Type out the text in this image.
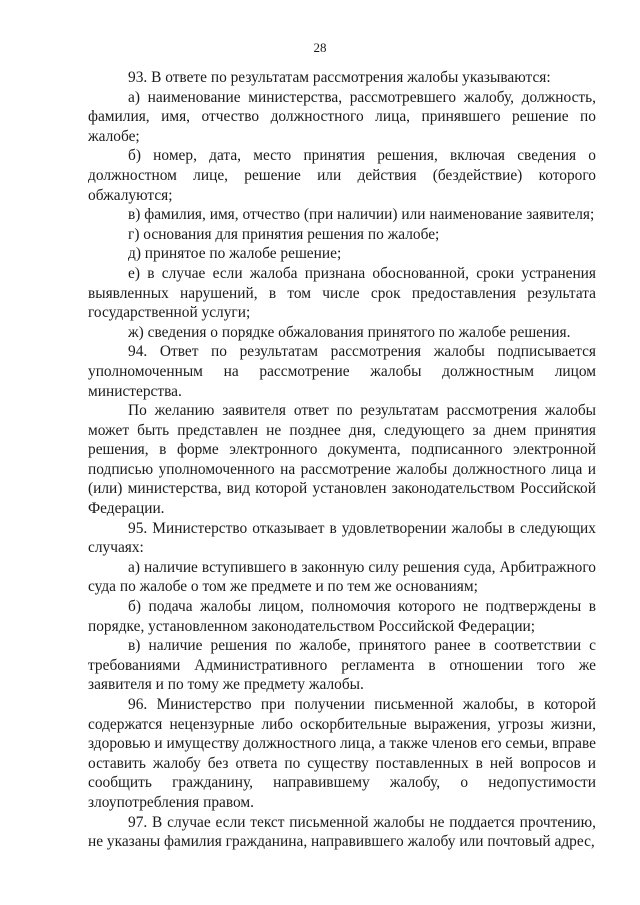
28

93. В ответе по результатам рассмотрения жалобы указываются:

а) наименование министерства, рассмотревшего жалобу, должность, фамилия, имя, отчество должностного лица, принявшего решение по жалобе;

б) номер, дата, место принятия решения, включая сведения о должностном лице, решение или действия (бездействие) которого обжалуются;

в) фамилия, имя, отчество (при наличии) или наименование заявителя;

г) основания для принятия решения по жалобе;

д) принятое по жалобе решение;

е) в случае если жалоба признана обоснованной, сроки устранения выявленных нарушений, в том числе срок предоставления результата государственной услуги;

ж) сведения о порядке обжалования принятого по жалобе решения.

94. Ответ по результатам рассмотрения жалобы подписывается уполномоченным на рассмотрение жалобы должностным лицом министерства.

По желанию заявителя ответ по результатам рассмотрения жалобы может быть представлен не позднее дня, следующего за днем принятия решения, в форме электронного документа, подписанного электронной подписью уполномоченного на рассмотрение жалобы должностного лица и (или) министерства, вид которой установлен законодательством Российской Федерации.

95. Министерство отказывает в удовлетворении жалобы в следующих случаях:

а) наличие вступившего в законную силу решения суда, Арбитражного суда по жалобе о том же предмете и по тем же основаниям;

б) подача жалобы лицом, полномочия которого не подтверждены в порядке, установленном законодательством Российской Федерации;

в) наличие решения по жалобе, принятого ранее в соответствии с требованиями Административного регламента в отношении того же заявителя и по тому же предмету жалобы.

96. Министерство при получении письменной жалобы, в которой содержатся нецензурные либо оскорбительные выражения, угрозы жизни, здоровью и имуществу должностного лица, а также членов его семьи, вправе оставить жалобу без ответа по существу поставленных в ней вопросов и сообщить гражданину, направившему жалобу, о недопустимости злоупотребления правом.

97. В случае если текст письменной жалобы не поддается прочтению, не указаны фамилия гражданина, направившего жалобу или почтовый адрес,
